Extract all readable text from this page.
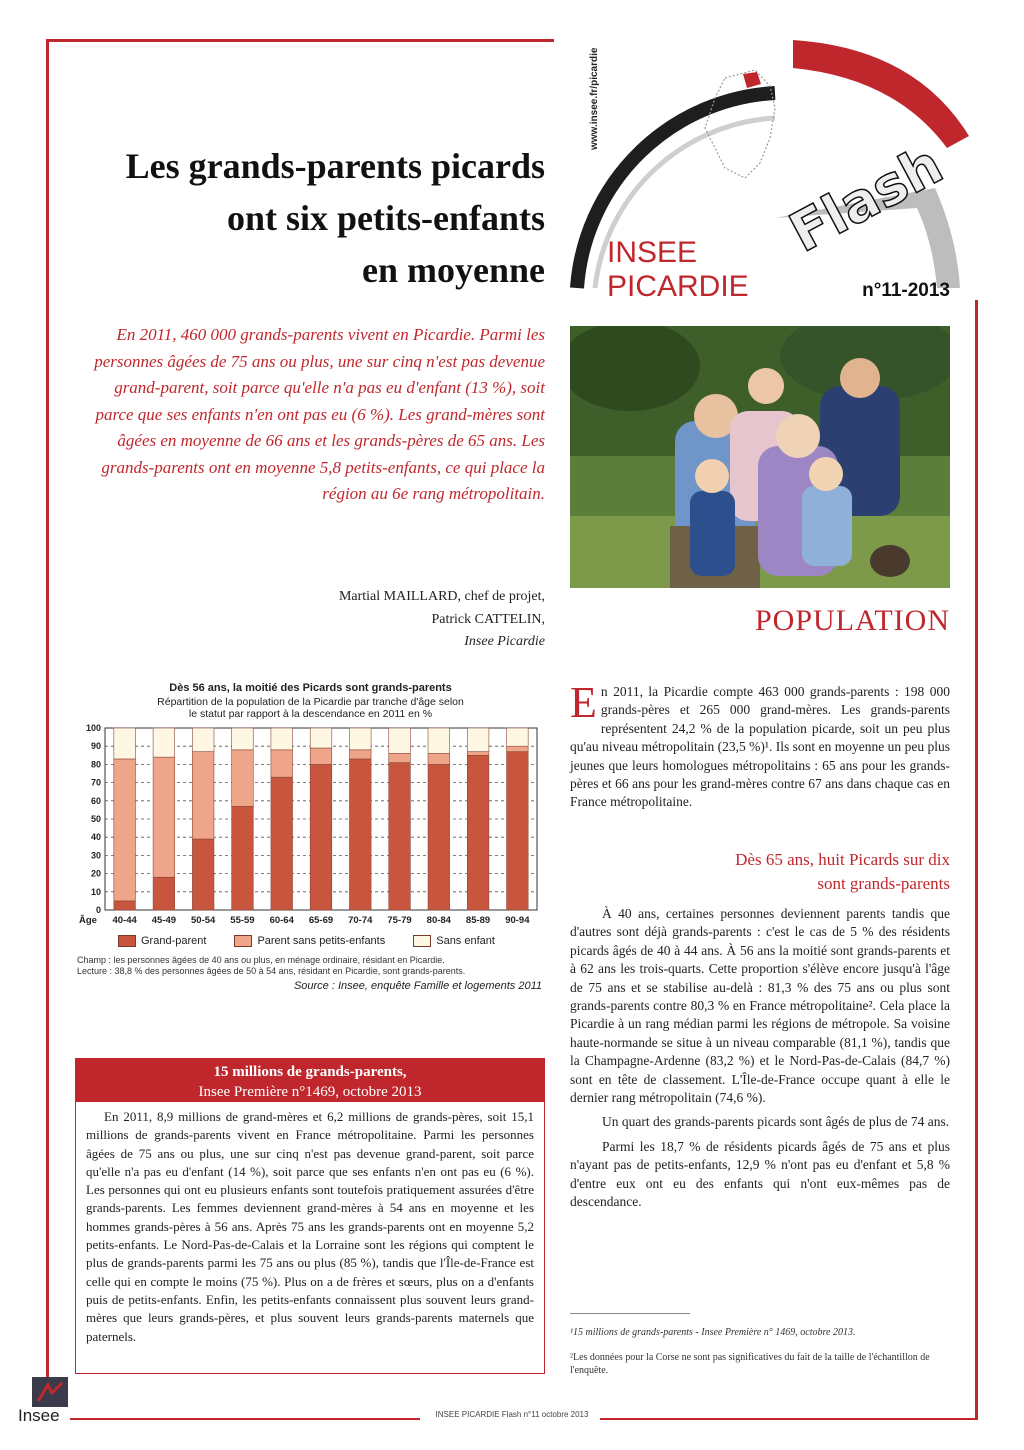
Les grands-parents picards
ont six petits-enfants
en moyenne
www.insee.fr/picardie
INSEE
PICARDIE
Flash
n°11-2013
En 2011, 460 000 grands-parents vivent en Picardie. Parmi les personnes âgées de 75 ans ou plus, une sur cinq n'est pas devenue grand-parent, soit parce qu'elle n'a pas eu d'enfant (13 %), soit parce que ses enfants n'en ont pas eu (6 %). Les grand-mères sont âgées en moyenne de 66 ans et les grands-pères de 65 ans. Les grands-parents ont en moyenne 5,8 petits-enfants, ce qui place la région au 6e rang métropolitain.
Martial MAILLARD, chef de projet,
Patrick CATTELIN,
Insee Picardie
POPULATION
Dès 56 ans, la moitié des Picards sont grands-parents
Répartition de la population de la Picardie par tranche d'âge selon le statut par rapport à la descendance en 2011 en %
0
10
20
30
40
50
60
70
80
90
100
40-44 45-49 50-54 55-59 60-64 65-69 70-74 75-79 80-84 85-89 90-94
Âge
Grand-parent	Parent sans petits-enfants	Sans enfant
Champ : les personnes âgées de 40 ans ou plus, en ménage ordinaire, résidant en Picardie.
Lecture : 38,8 % des personnes âgées de 50 à 54 ans, résidant en Picardie, sont grands-parents.
Source : Insee, enquête Famille et logements 2011
15 millions de grands-parents,
Insee Première n°1469, octobre 2013
En 2011, 8,9 millions de grand-mères et 6,2 millions de grands-pères, soit 15,1 millions de grands-parents vivent en France métropolitaine. Parmi les personnes âgées de 75 ans ou plus, une sur cinq n'est pas devenue grand-parent, soit parce qu'elle n'a pas eu d'enfant (14 %), soit parce que ses enfants n'en ont pas eu (6 %). Les personnes qui ont eu plusieurs enfants sont toutefois pratiquement assurées d'être grands-parents. Les femmes deviennent grand-mères à 54 ans en moyenne et les hommes grands-pères à 56 ans. Après 75 ans les grands-parents ont en moyenne 5,2 petits-enfants. Le Nord-Pas-de-Calais et la Lorraine sont les régions qui comptent le plus de grands-parents parmi les 75 ans ou plus (85 %), tandis que l'Île-de-France est celle qui en compte le moins (75 %). Plus on a de frères et sœurs, plus on a d'enfants puis de petits-enfants. Enfin, les petits-enfants connaissent plus souvent leurs grand-mères que leurs grands-pères, et plus souvent leurs grands-parents maternels que paternels.
En 2011, la Picardie compte 463 000 grands-parents : 198 000 grands-pères et 265 000 grand-mères. Les grands-parents représentent 24,2 % de la population picarde, soit un peu plus qu'au niveau métropolitain (23,5 %)¹. Ils sont en moyenne un peu plus jeunes que leurs homologues métropolitains : 65 ans pour les grands-pères et 66 ans pour les grand-mères contre 67 ans dans chaque cas en France métropolitaine.
Dès 65 ans, huit Picards sur dix
sont grands-parents

À 40 ans, certaines personnes deviennent parents tandis que d'autres sont déjà grands-parents : c'est le cas de 5 % des résidents picards âgés de 40 à 44 ans. À 56 ans la moitié sont grands-parents et à 62 ans les trois-quarts. Cette proportion s'élève encore jusqu'à l'âge de 75 ans et se stabilise au-delà : 81,3 % des 75 ans ou plus sont grands-parents contre 80,3 % en France métropolitaine². Cela place la Picardie à un rang médian parmi les régions de métropole. Sa voisine haute-normande se situe à un niveau comparable (81,1 %), tandis que la Champagne-Ardenne (83,2 %) et le Nord-Pas-de-Calais (84,7 %) sont en tête de classement. L'Île-de-France occupe quant à elle le dernier rang métropolitain (74,6 %).

Un quart des grands-parents picards sont âgés de plus de 74 ans.

Parmi les 18,7 % de résidents picards âgés de 75 ans et plus n'ayant pas de petits-enfants, 12,9 % n'ont pas eu d'enfant et 5,8 % d'entre eux ont eu des enfants qui n'ont eux-mêmes pas de descendance.

¹15 millions de grands-parents - Insee Première n° 1469, octobre 2013.
²Les données pour la Corse ne sont pas significatives du fait de la taille de l'échantillon de l'enquête.
Insee	INSEE PICARDIE Flash n°11 octobre 2013
